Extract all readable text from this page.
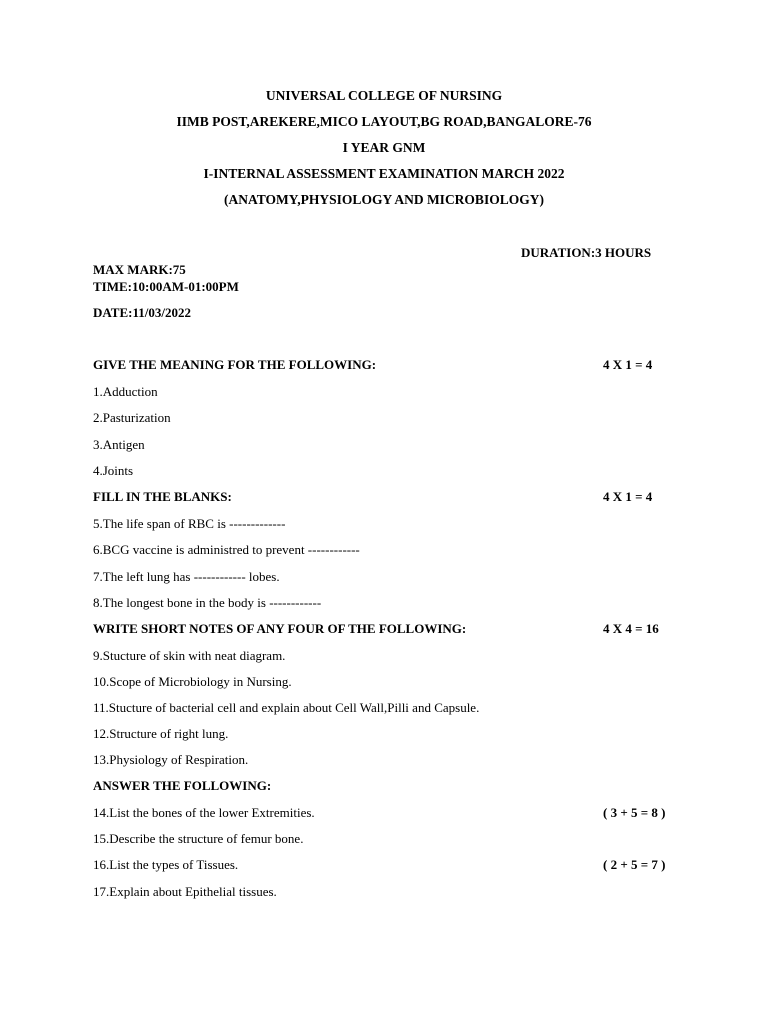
UNIVERSAL COLLEGE OF NURSING
IIMB POST,AREKERE,MICO LAYOUT,BG ROAD,BANGALORE-76
I YEAR GNM
I-INTERNAL ASSESSMENT EXAMINATION MARCH 2022
(ANATOMY,PHYSIOLOGY AND MICROBIOLOGY)
DURATION:3 HOURS
MAX MARK:75
TIME:10:00AM-01:00PM
DATE:11/03/2022
GIVE THE MEANING FOR THE FOLLOWING:	4 X 1 = 4
1.Adduction
2.Pasturization
3.Antigen
4.Joints
FILL IN THE BLANKS:	4 X 1 = 4
5.The life span of RBC is -------------
6.BCG vaccine is administred to prevent ------------
7.The left lung has ------------ lobes.
8.The longest bone in the body is ------------
WRITE SHORT NOTES OF ANY FOUR OF THE FOLLOWING:	4 X 4 = 16
9.Stucture of skin with neat diagram.
10.Scope of Microbiology in Nursing.
11.Stucture of bacterial cell and explain about Cell Wall,Pilli and Capsule.
12.Structure of right lung.
13.Physiology of Respiration.
ANSWER THE FOLLOWING:
14.List the bones of the lower Extremities.	( 3 + 5 = 8 )
15.Describe the structure of femur bone.
16.List the types of Tissues.	( 2 + 5 = 7 )
17.Explain about Epithelial tissues.
